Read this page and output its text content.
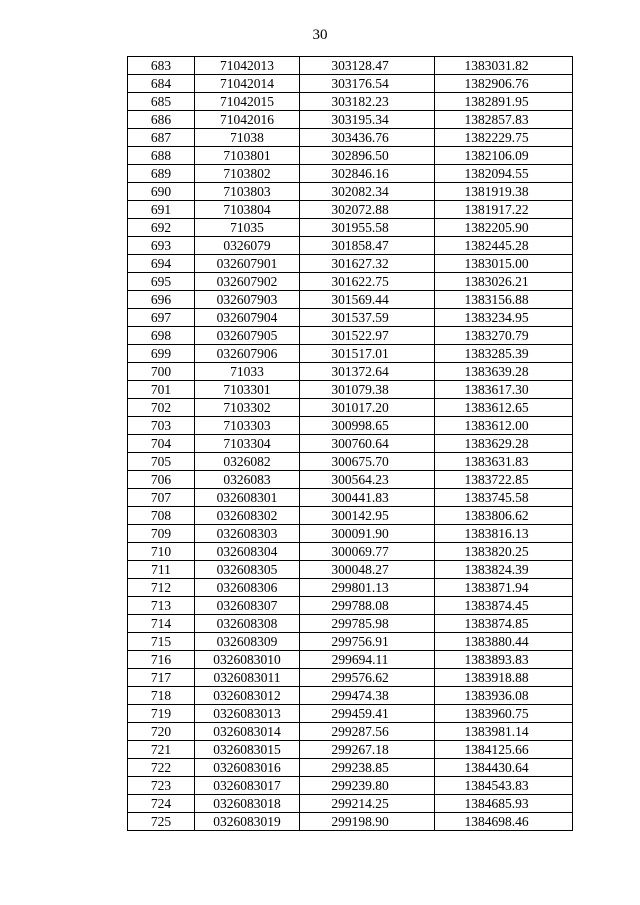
30
683	71042013	303128.47	1383031.82
684	71042014	303176.54	1382906.76
685	71042015	303182.23	1382891.95
686	71042016	303195.34	1382857.83
687	71038	303436.76	1382229.75
688	7103801	302896.50	1382106.09
689	7103802	302846.16	1382094.55
690	7103803	302082.34	1381919.38
691	7103804	302072.88	1381917.22
692	71035	301955.58	1382205.90
693	0326079	301858.47	1382445.28
694	032607901	301627.32	1383015.00
695	032607902	301622.75	1383026.21
696	032607903	301569.44	1383156.88
697	032607904	301537.59	1383234.95
698	032607905	301522.97	1383270.79
699	032607906	301517.01	1383285.39
700	71033	301372.64	1383639.28
701	7103301	301079.38	1383617.30
702	7103302	301017.20	1383612.65
703	7103303	300998.65	1383612.00
704	7103304	300760.64	1383629.28
705	0326082	300675.70	1383631.83
706	0326083	300564.23	1383722.85
707	032608301	300441.83	1383745.58
708	032608302	300142.95	1383806.62
709	032608303	300091.90	1383816.13
710	032608304	300069.77	1383820.25
711	032608305	300048.27	1383824.39
712	032608306	299801.13	1383871.94
713	032608307	299788.08	1383874.45
714	032608308	299785.98	1383874.85
715	032608309	299756.91	1383880.44
716	0326083010	299694.11	1383893.83
717	0326083011	299576.62	1383918.88
718	0326083012	299474.38	1383936.08
719	0326083013	299459.41	1383960.75
720	0326083014	299287.56	1383981.14
721	0326083015	299267.18	1384125.66
722	0326083016	299238.85	1384430.64
723	0326083017	299239.80	1384543.83
724	0326083018	299214.25	1384685.93
725	0326083019	299198.90	1384698.46
